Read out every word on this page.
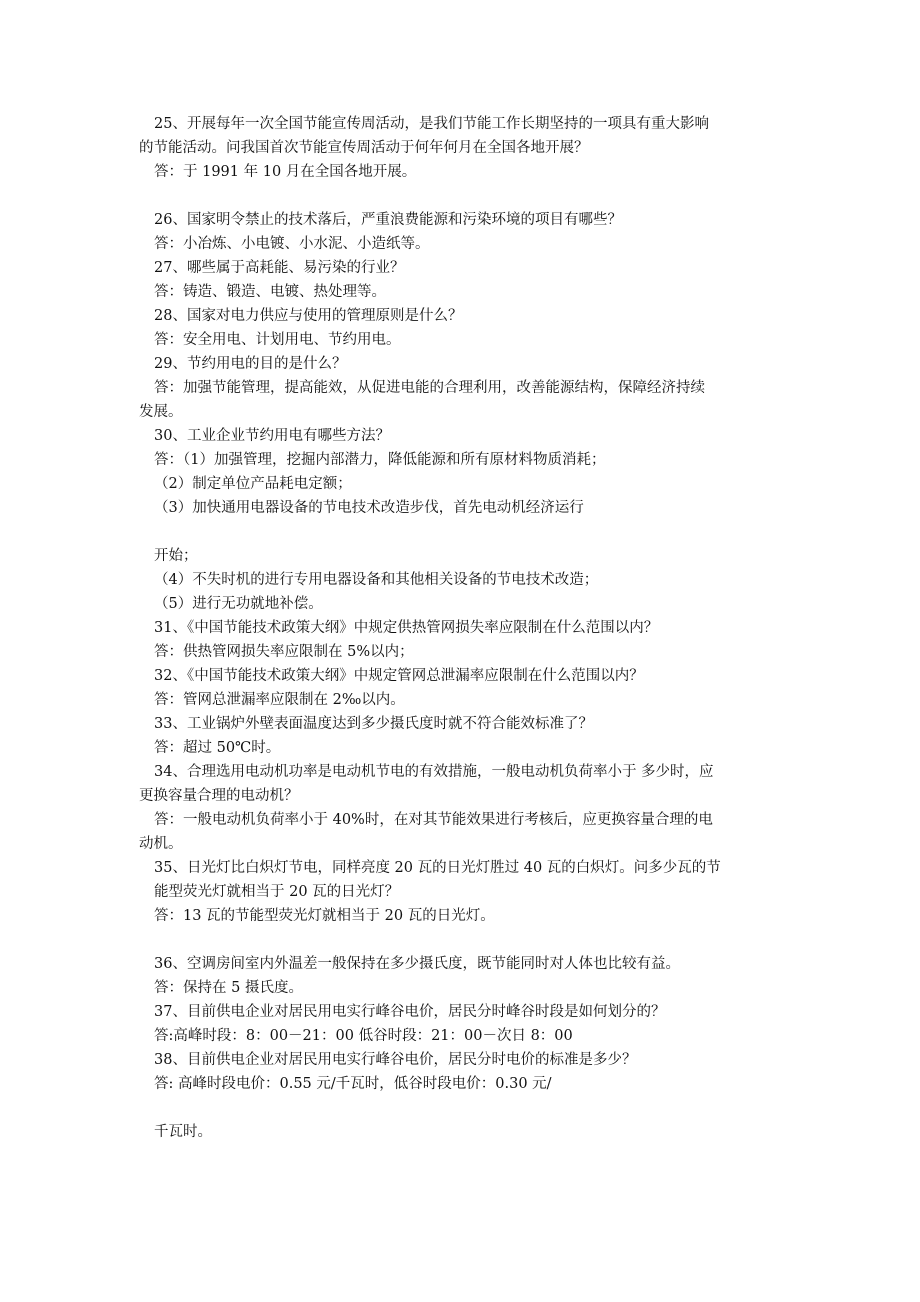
25、开展每年一次全国节能宣传周活动，是我们节能工作长期坚持的一项具有重大影响
的节能活动。问我国首次节能宣传周活动于何年何月在全国各地开展？
答：于 1991 年 10 月在全国各地开展。
26、国家明令禁止的技术落后，严重浪费能源和污染环境的项目有哪些？
答：小冶炼、小电镀、小水泥、小造纸等。
27、哪些属于高耗能、易污染的行业？
答：铸造、锻造、电镀、热处理等。
28、国家对电力供应与使用的管理原则是什么？
答：安全用电、计划用电、节约用电。
29、节约用电的目的是什么？
答：加强节能管理，提高能效，从促进电能的合理利用，改善能源结构，保障经济持续
发展。
30、工业企业节约用电有哪些方法？
答：（1）加强管理，挖掘内部潜力，降低能源和所有原材料物质消耗；
（2）制定单位产品耗电定额；
（3）加快通用电器设备的节电技术改造步伐，首先电动机经济运行
开始；
（4）不失时机的进行专用电器设备和其他相关设备的节电技术改造；
（5）进行无功就地补偿。
31、《中国节能技术政策大纲》中规定供热管网损失率应限制在什么范围以内？
答：供热管网损失率应限制在 5%以内；
32、《中国节能技术政策大纲》中规定管网总泄漏率应限制在什么范围以内？
答：管网总泄漏率应限制在 2‰以内。
33、工业锅炉外壁表面温度达到多少摄氏度时就不符合能效标准了？
答：超过 50℃时。
34、合理选用电动机功率是电动机节电的有效措施，一般电动机负荷率小于 多少时，应
更换容量合理的电动机？
答：一般电动机负荷率小于 40%时，在对其节能效果进行考核后，应更换容量合理的电
动机。
35、日光灯比白炽灯节电，同样亮度 20 瓦的日光灯胜过 40 瓦的白炽灯。问多少瓦的节
能型荧光灯就相当于 20 瓦的日光灯？
答：13 瓦的节能型荧光灯就相当于 20 瓦的日光灯。
36、空调房间室内外温差一般保持在多少摄氏度，既节能同时对人体也比较有益。
答：保持在 5 摄氏度。
37、目前供电企业对居民用电实行峰谷电价，居民分时峰谷时段是如何划分的？
答:高峰时段：8：00－21：00 低谷时段：21：00－次日 8：00
38、目前供电企业对居民用电实行峰谷电价，居民分时电价的标准是多少？
答: 高峰时段电价：0.55 元/千瓦时，低谷时段电价：0.30 元/
千瓦时。
